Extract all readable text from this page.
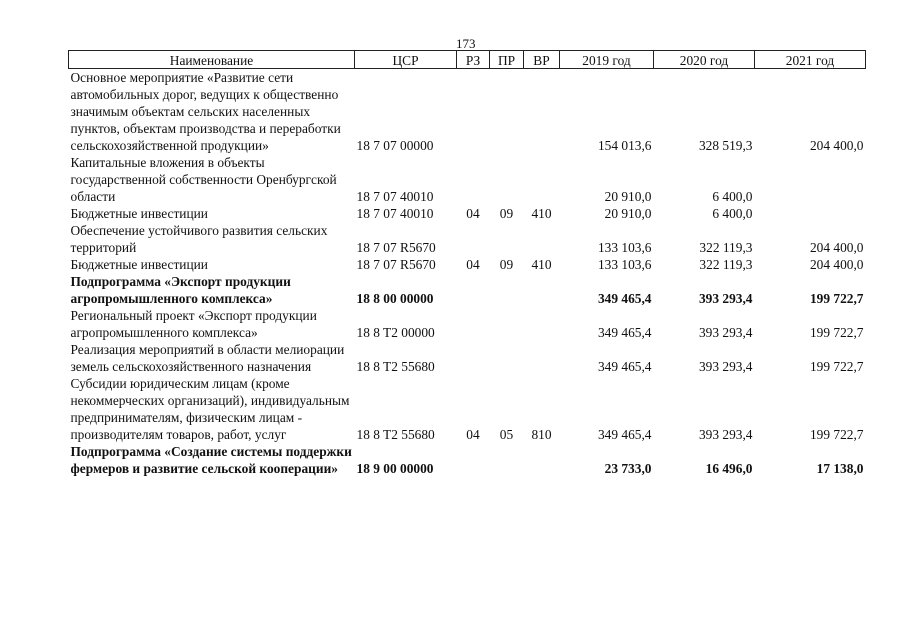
173
Наименование	ЦСР	РЗ	ПР	ВР	2019 год	2020 год	2021 год
Основное мероприятие «Развитие сети автомобильных дорог, ведущих к общественно значимым объектам сельских населенных пунктов, объектам производства и переработки сельскохозяйственной продукции»	18 7 07 00000				154 013,6	328 519,3	204 400,0
Капитальные вложения в объекты государственной собственности Оренбургской области	18 7 07 40010				20 910,0	6 400,0	
Бюджетные инвестиции	18 7 07 40010	04	09	410	20 910,0	6 400,0	
Обеспечение устойчивого развития сельских территорий	18 7 07 R5670				133 103,6	322 119,3	204 400,0
Бюджетные инвестиции	18 7 07 R5670	04	09	410	133 103,6	322 119,3	204 400,0
Подпрограмма «Экспорт продукции агропромышленного комплекса»	18 8 00 00000				349 465,4	393 293,4	199 722,7
Региональный проект «Экспорт продукции агропромышленного комплекса»	18 8 T2 00000				349 465,4	393 293,4	199 722,7
Реализация мероприятий в области мелиорации земель сельскохозяйственного назначения	18 8 T2 55680				349 465,4	393 293,4	199 722,7
Субсидии юридическим лицам (кроме некоммерческих организаций), индивидуальным предпринимателям, физическим лицам - производителям товаров, работ, услуг	18 8 T2 55680	04	05	810	349 465,4	393 293,4	199 722,7
Подпрограмма «Создание системы поддержки фермеров и развитие сельской кооперации»	18 9 00 00000				23 733,0	16 496,0	17 138,0
